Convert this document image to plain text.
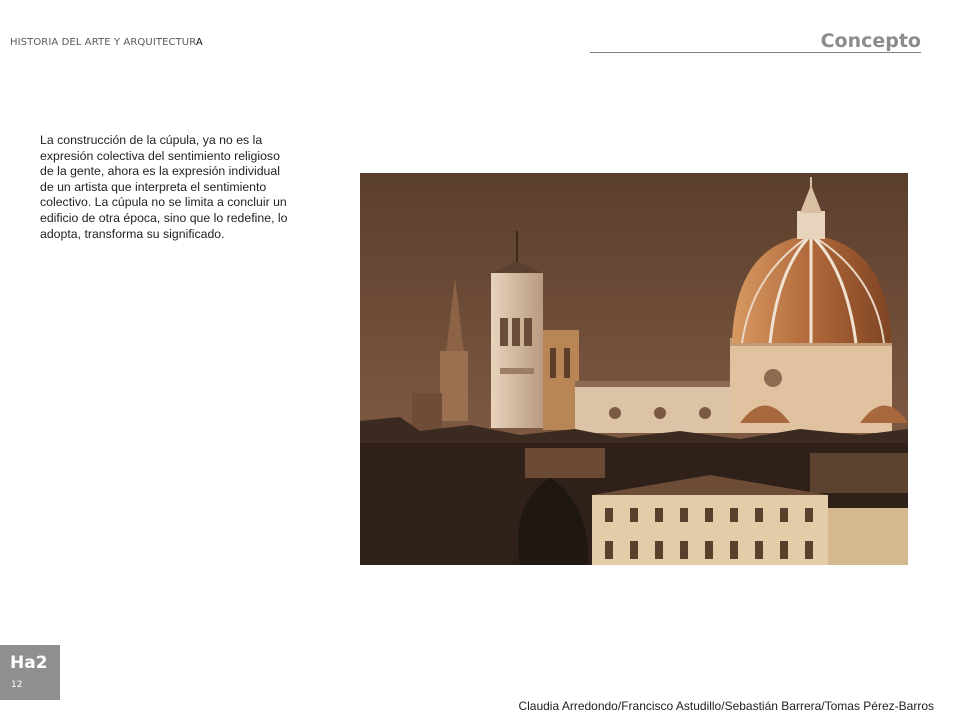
HISTORIA DEL ARTE Y ARQUITECTURA	Concepto
La construcción de la cúpula, ya no es la expresión colectiva del sentimiento religioso de la gente, ahora es la expresión individual de un artista que interpreta el sentimiento colectivo. La cúpula no se limita a concluir un edificio de otra época, sino que lo redefine, lo adopta, transforma su significado.
Ha2
12
Claudia Arredondo/Francisco Astudillo/Sebastián Barrera/Tomas Pérez-Barros
